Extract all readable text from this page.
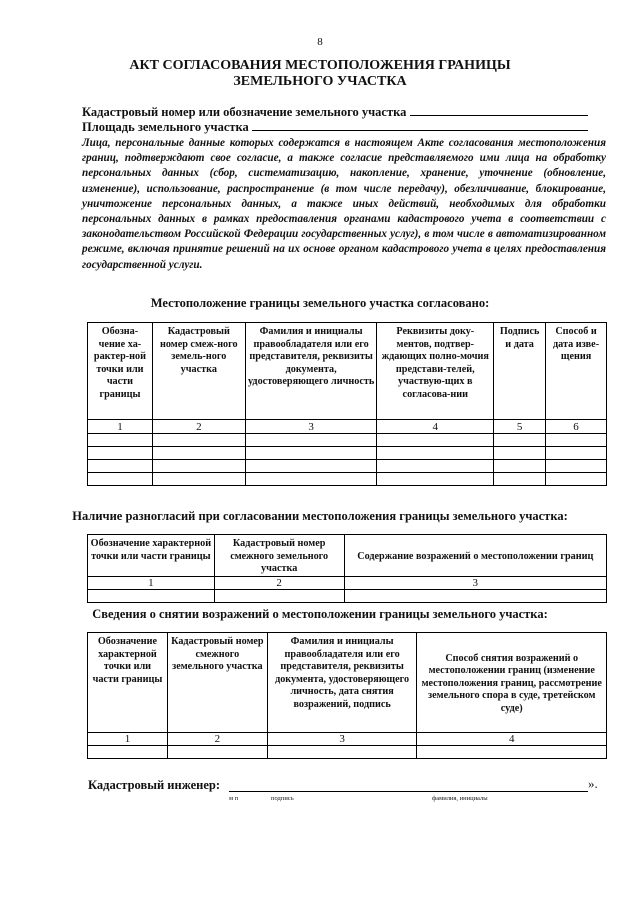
8
АКТ СОГЛАСОВАНИЯ МЕСТОПОЛОЖЕНИЯ ГРАНИЦЫ
ЗЕМЕЛЬНОГО УЧАСТКА
Кадастровый номер или обозначение земельного участка
Площадь земельного участка
Лица, персональные данные которых содержатся в настоящем Акте согласования местоположения границ, подтверждают свое согласие, а также согласие представляемого ими лица на обработку персональных данных (сбор, систематизацию, накопление, хранение, уточнение (обновление, изменение), использование, распространение (в том числе передачу), обезличивание, блокирование, уничтожение персональных данных, а также иных действий, необходимых для обработки персональных данных в рамках предоставления органами кадастрового учета в соответствии с законодательством Российской Федерации государственных услуг), в том числе в автоматизированном режиме, включая принятие решений на их основе органом кадастрового учета в целях предоставления государственной услуги.
Местоположение границы земельного участка согласовано:
Обозна-чение ха-рактер-ной точки или части границы	Кадастровый номер смеж-ного земель-ного участка	Фамилия и инициалы правообладателя или его представителя, реквизиты документа, удостоверяющего личность	Реквизиты доку-ментов, подтвер-ждающих полно-мочия представи-телей, участвую-щих в согласова-нии	Подпись и дата	Способ и дата изве-щения
1	2	3	4	5	6

Наличие разногласий при согласовании местоположения границы земельного участка:
Обозначение характерной точки или части границы	Кадастровый номер смежного земельного участка	Содержание возражений о местоположении границ
1	2	3

Сведения о снятии возражений о местоположении границы земельного участка:
Обозначение характерной точки или части границы	Кадастровый номер смежного земельного участка	Фамилия и инициалы правообладателя или его представителя, реквизиты документа, удостоверяющего личность, дата снятия возражений, подпись	Способ снятия возражений о местоположении границ (изменение местоположения границ, рассмотрение земельного спора в суде, третейском суде)
1	2	3	4

Кадастровый инженер:	».
м п	подпись	фамилия, инициалы
